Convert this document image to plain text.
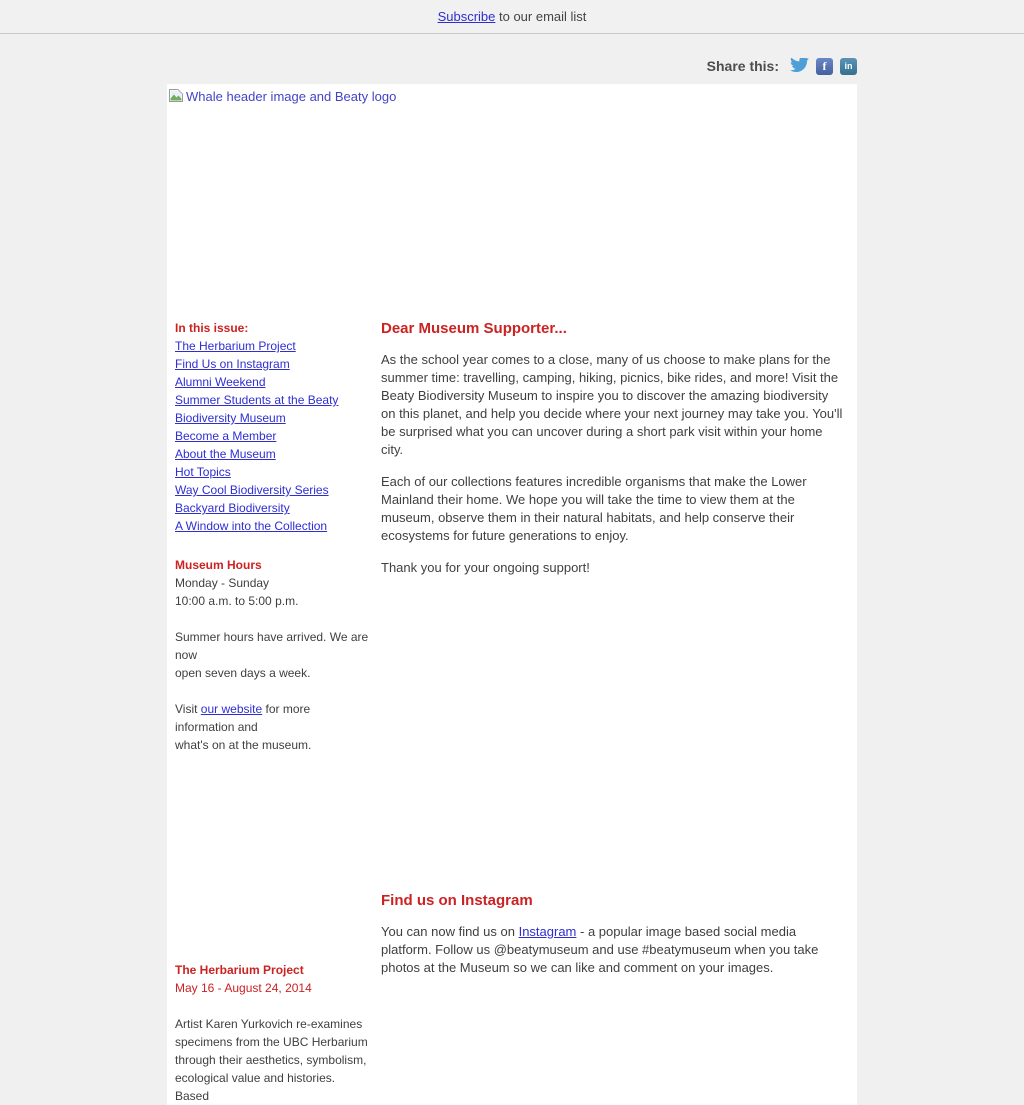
Subscribe to our email list
Share this:	f	in
Whale header image and Beaty logo
In this issue:
The Herbarium Project
Find Us on Instagram
Alumni Weekend
Summer Students at the Beaty
Biodiversity Museum
Become a Member
About the Museum
Hot Topics
Way Cool Biodiversity Series
Backyard Biodiversity
A Window into the Collection
Museum Hours
Monday - Sunday
10:00 a.m. to 5:00 p.m.
Summer hours have arrived. We are now
open seven days a week.
Visit our website for more information and
what's on at the museum.
The Herbarium Project
May 16 - August 24, 2014
Artist Karen Yurkovich re-examines
specimens from the UBC Herbarium
through their aesthetics, symbolism,
ecological value and histories. Based
Dear Museum Supporter...

As the school year comes to a close, many of us choose to make plans for the summer time: travelling, camping, hiking, picnics, bike rides, and more! Visit the Beaty Biodiversity Museum to inspire you to discover the amazing biodiversity on this planet, and help you decide where your next journey may take you. You'll be surprised what you can uncover during a short park visit within your home city.

Each of our collections features incredible organisms that make the Lower Mainland their home. We hope you will take the time to view them at the museum, observe them in their natural habitats, and help conserve their ecosystems for future generations to enjoy.

Thank you for your ongoing support!

Find us on Instagram

You can now find us on Instagram - a popular image based social media platform. Follow us @beatymuseum and use #beatymuseum when you take photos at the Museum so we can like and comment on your images.
